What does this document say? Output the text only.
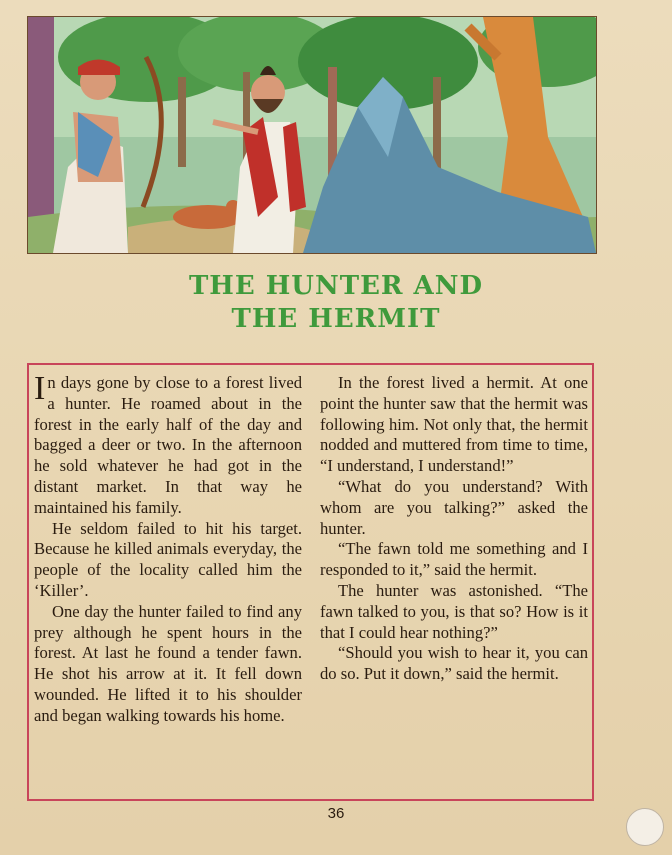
THE HUNTER AND
THE HERMIT

In days gone by close to a forest lived a hunter. He roamed about in the forest in the early half of the day and bagged a deer or two. In the afternoon he sold whatever he had got in the distant market. In that way he maintained his family.

He seldom failed to hit his target. Because he killed animals everyday, the people of the locality called him the ‘Killer’.

One day the hunter failed to find any prey although he spent hours in the forest. At last he found a tender fawn. He shot his arrow at it. It fell down wounded. He lifted it to his shoulder and began walking towards his home.

In the forest lived a hermit. At one point the hunter saw that the hermit was following him. Not only that, the hermit nodded and muttered from time to time, “I understand, I understand!”

“What do you understand? With whom are you talking?” asked the hunter.

“The fawn told me something and I responded to it,” said the hermit.

The hunter was astonished. “The fawn talked to you, is that so? How is it that I could hear nothing?”

“Should you wish to hear it, you can do so. Put it down,” said the hermit.

36
